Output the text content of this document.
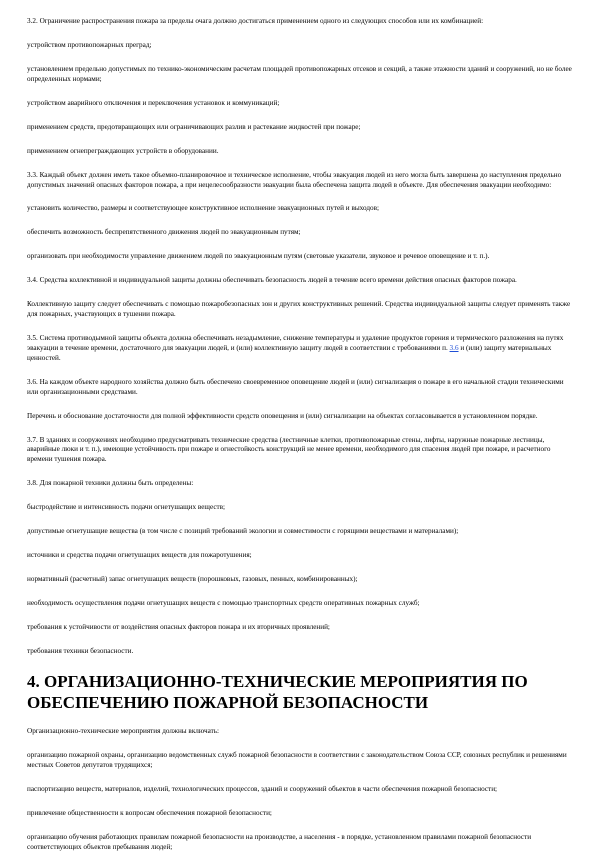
3.2. Ограничение распространения пожара за пределы очага должно достигаться применением одного из следующих способов или их комбинацией:

устройством противопожарных преград;

установлением предельно допустимых по технико-экономическим расчетам площадей противопожарных отсеков и секций, а также этажности зданий и сооружений, но не более определенных нормами;

устройством аварийного отключения и переключения установок и коммуникаций;

применением средств, предотвращающих или ограничивающих разлив и растекание жидкостей при пожаре;

применением огнепреграждающих устройств в оборудовании.

3.3. Каждый объект должен иметь такое объемно-планировочное и техническое исполнение, чтобы эвакуация людей из него могла быть завершена до наступления предельно допустимых значений опасных факторов пожара, а при нецелесообразности эвакуации была обеспечена защита людей в объекте. Для обеспечения эвакуации необходимо:

установить количество, размеры и соответствующее конструктивное исполнение эвакуационных путей и выходов;

обеспечить возможность беспрепятственного движения людей по эвакуационным путям;

организовать при необходимости управление движением людей по эвакуационным путям (световые указатели, звуковое и речевое оповещение и т. п.).

3.4. Средства коллективной и индивидуальной защиты должны обеспечивать безопасность людей в течение всего времени действия опасных факторов пожара.

Коллективную защиту следует обеспечивать с помощью пожаробезопасных зон и других конструктивных решений. Средства индивидуальной защиты следует применять также для пожарных, участвующих в тушении пожара.

3.5. Система противодымной защиты объекта должна обеспечивать незадымление, снижение температуры и удаление продуктов горения и термического разложения на путях эвакуации в течение времени, достаточного для эвакуации людей, и (или) коллективную защиту людей в соответствии с требованиями п. 3.6 и (или) защиту материальных ценностей.

3.6. На каждом объекте народного хозяйства должно быть обеспечено своевременное оповещение людей и (или) сигнализация о пожаре в его начальной стадии техническими или организационными средствами.

Перечень и обоснование достаточности для полной эффективности средств оповещения и (или) сигнализации на объектах согласовывается в установленном порядке.

3.7. В зданиях и сооружениях необходимо предусматривать технические средства (лестничные клетки, противопожарные стены, лифты, наружные пожарные лестницы, аварийные люки и т. п.), имеющие устойчивость при пожаре и огнестойкость конструкций не менее времени, необходимого для спасения людей при пожаре, и расчетного времени тушения пожара.

3.8. Для пожарной техники должны быть определены:

быстродействие и интенсивность подачи огнетушащих веществ;

допустимые огнетушащие вещества (в том числе с позиций требований экологии и совместимости с горящими веществами и материалами);

источники и средства подачи огнетушащих веществ для пожаротушения;

нормативный (расчетный) запас огнетушащих веществ (порошковых, газовых, пенных, комбинированных);

необходимость осуществления подачи огнетушащих веществ с помощью транспортных средств оперативных пожарных служб;

требования к устойчивости от воздействия опасных факторов пожара и их вторичных проявлений;

требования техники безопасности.

4. ОРГАНИЗАЦИОННО-ТЕХНИЧЕСКИЕ МЕРОПРИЯТИЯ ПО ОБЕСПЕЧЕНИЮ ПОЖАРНОЙ БЕЗОПАСНОСТИ

Организационно-технические мероприятия должны включать:

организацию пожарной охраны, организацию ведомственных служб пожарной безопасности в соответствии с законодательством Союза ССР, союзных республик и решениями местных Советов депутатов трудящихся;

паспортизацию веществ, материалов, изделий, технологических процессов, зданий и сооружений объектов в части обеспечения пожарной безопасности;

привлечение общественности к вопросам обеспечения пожарной безопасности;

организацию обучения работающих правилам пожарной безопасности на производстве, а населения - в порядке, установленном правилами пожарной безопасности соответствующих объектов пребывания людей;
